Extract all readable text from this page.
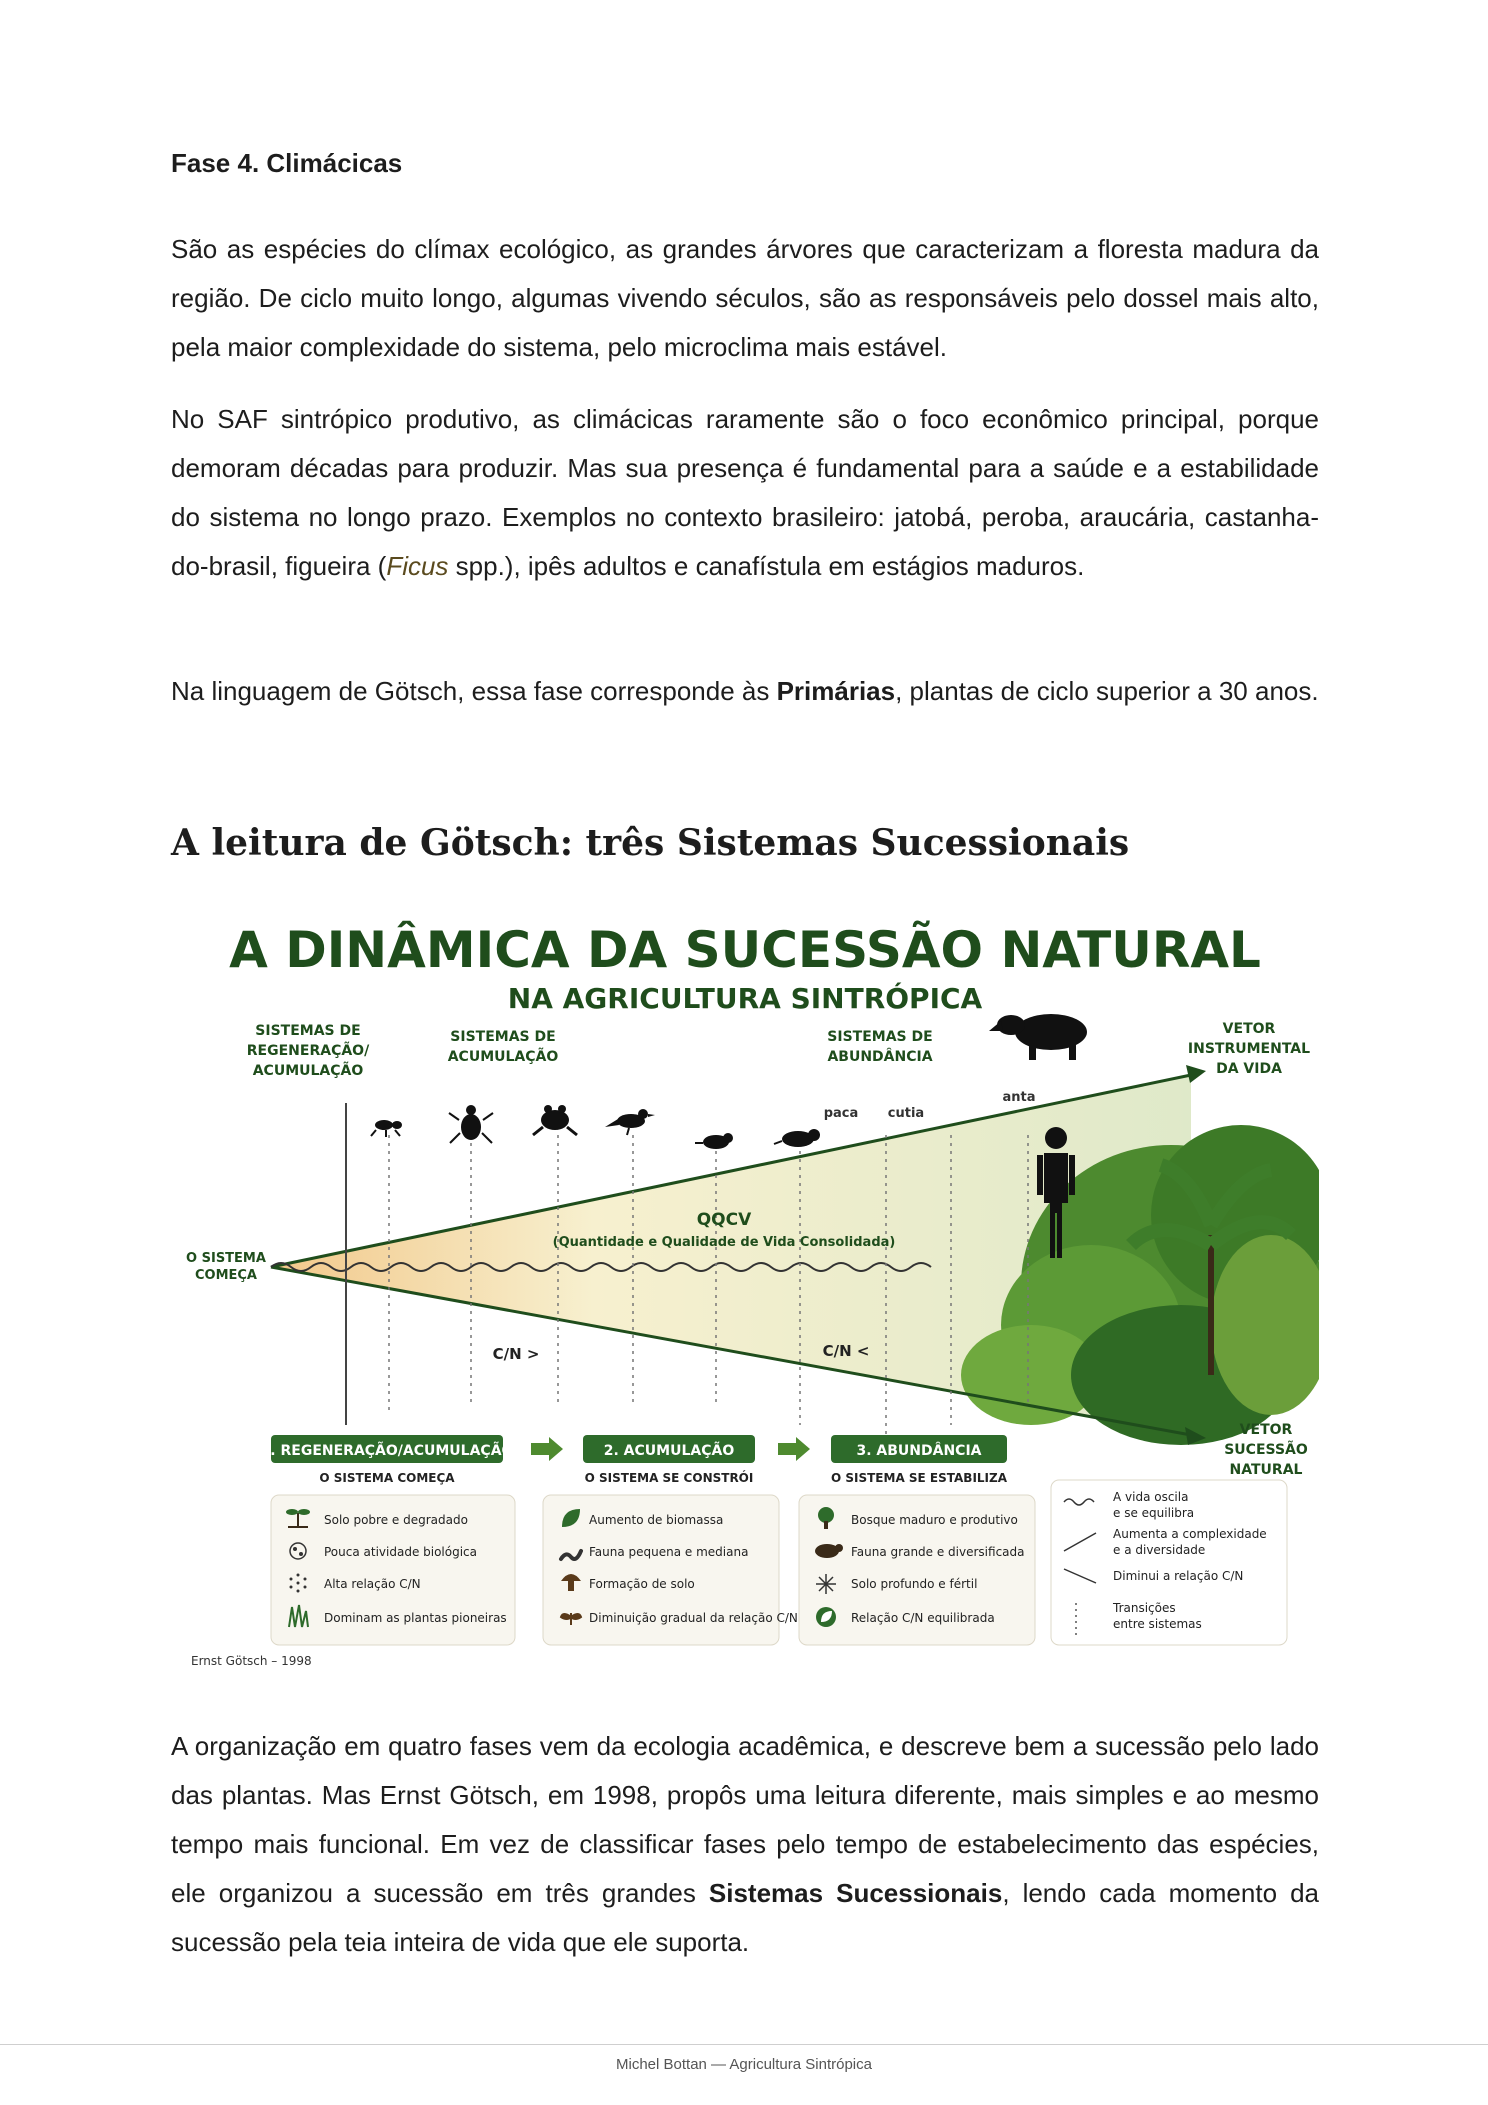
Fase 4. Climácicas

São as espécies do clímax ecológico, as grandes árvores que caracterizam a floresta madura da região. De ciclo muito longo, algumas vivendo séculos, são as responsáveis pelo dossel mais alto, pela maior complexidade do sistema, pelo microclima mais estável.

No SAF sintrópico produtivo, as climácicas raramente são o foco econômico principal, porque demoram décadas para produzir. Mas sua presença é fundamental para a saúde e a estabilidade do sistema no longo prazo. Exemplos no contexto brasileiro: jatobá, peroba, araucária, castanha-do-brasil, figueira (Ficus spp.), ipês adultos e canafístula em estágios maduros.

Na linguagem de Götsch, essa fase corresponde às Primárias, plantas de ciclo superior a 30 anos.

A leitura de Götsch: três Sistemas Sucessionais

A organização em quatro fases vem da ecologia acadêmica, e descreve bem a sucessão pelo lado das plantas. Mas Ernst Götsch, em 1998, propôs uma leitura diferente, mais simples e ao mesmo tempo mais funcional. Em vez de classificar fases pelo tempo de estabelecimento das espécies, ele organizou a sucessão em três grandes Sistemas Sucessionais, lendo cada momento da sucessão pela teia inteira de vida que ele suporta.

A DINÂMICA DA SUCESSÃO NATURAL
NA AGRICULTURA SINTRÓPICA
SISTEMAS DE
REGENERAÇÃO/
ACUMULAÇÃO
SISTEMAS DE
ACUMULAÇÃO
SISTEMAS DE
ABUNDÂNCIA
VETOR
INSTRUMENTAL
DA VIDA
paca cutia
anta
O SISTEMA
COMEÇA
QQCV
(Quantidade e Qualidade de Vida Consolidada)
C/N >	C/N <
VETOR
SUCESSÃO
NATURAL
1. REGENERAÇÃO/ACUMULAÇÃO
O SISTEMA COMEÇA
2. ACUMULAÇÃO
O SISTEMA SE CONSTRÓI
3. ABUNDÂNCIA
O SISTEMA SE ESTABILIZA
Solo pobre e degradado
Pouca atividade biológica
Alta relação C/N
Dominam as plantas pioneiras
Aumento de biomassa
Fauna pequena e mediana
Formação de solo
Diminuição gradual da relação C/N
Bosque maduro e produtivo
Fauna grande e diversificada
Solo profundo e fértil
Relação C/N equilibrada
A vida oscila
e se equilibra
Aumenta a complexidade
e a diversidade
Diminui a relação C/N
Transições
entre sistemas
Ernst Götsch – 1998
Michel Bottan — Agricultura Sintrópica
